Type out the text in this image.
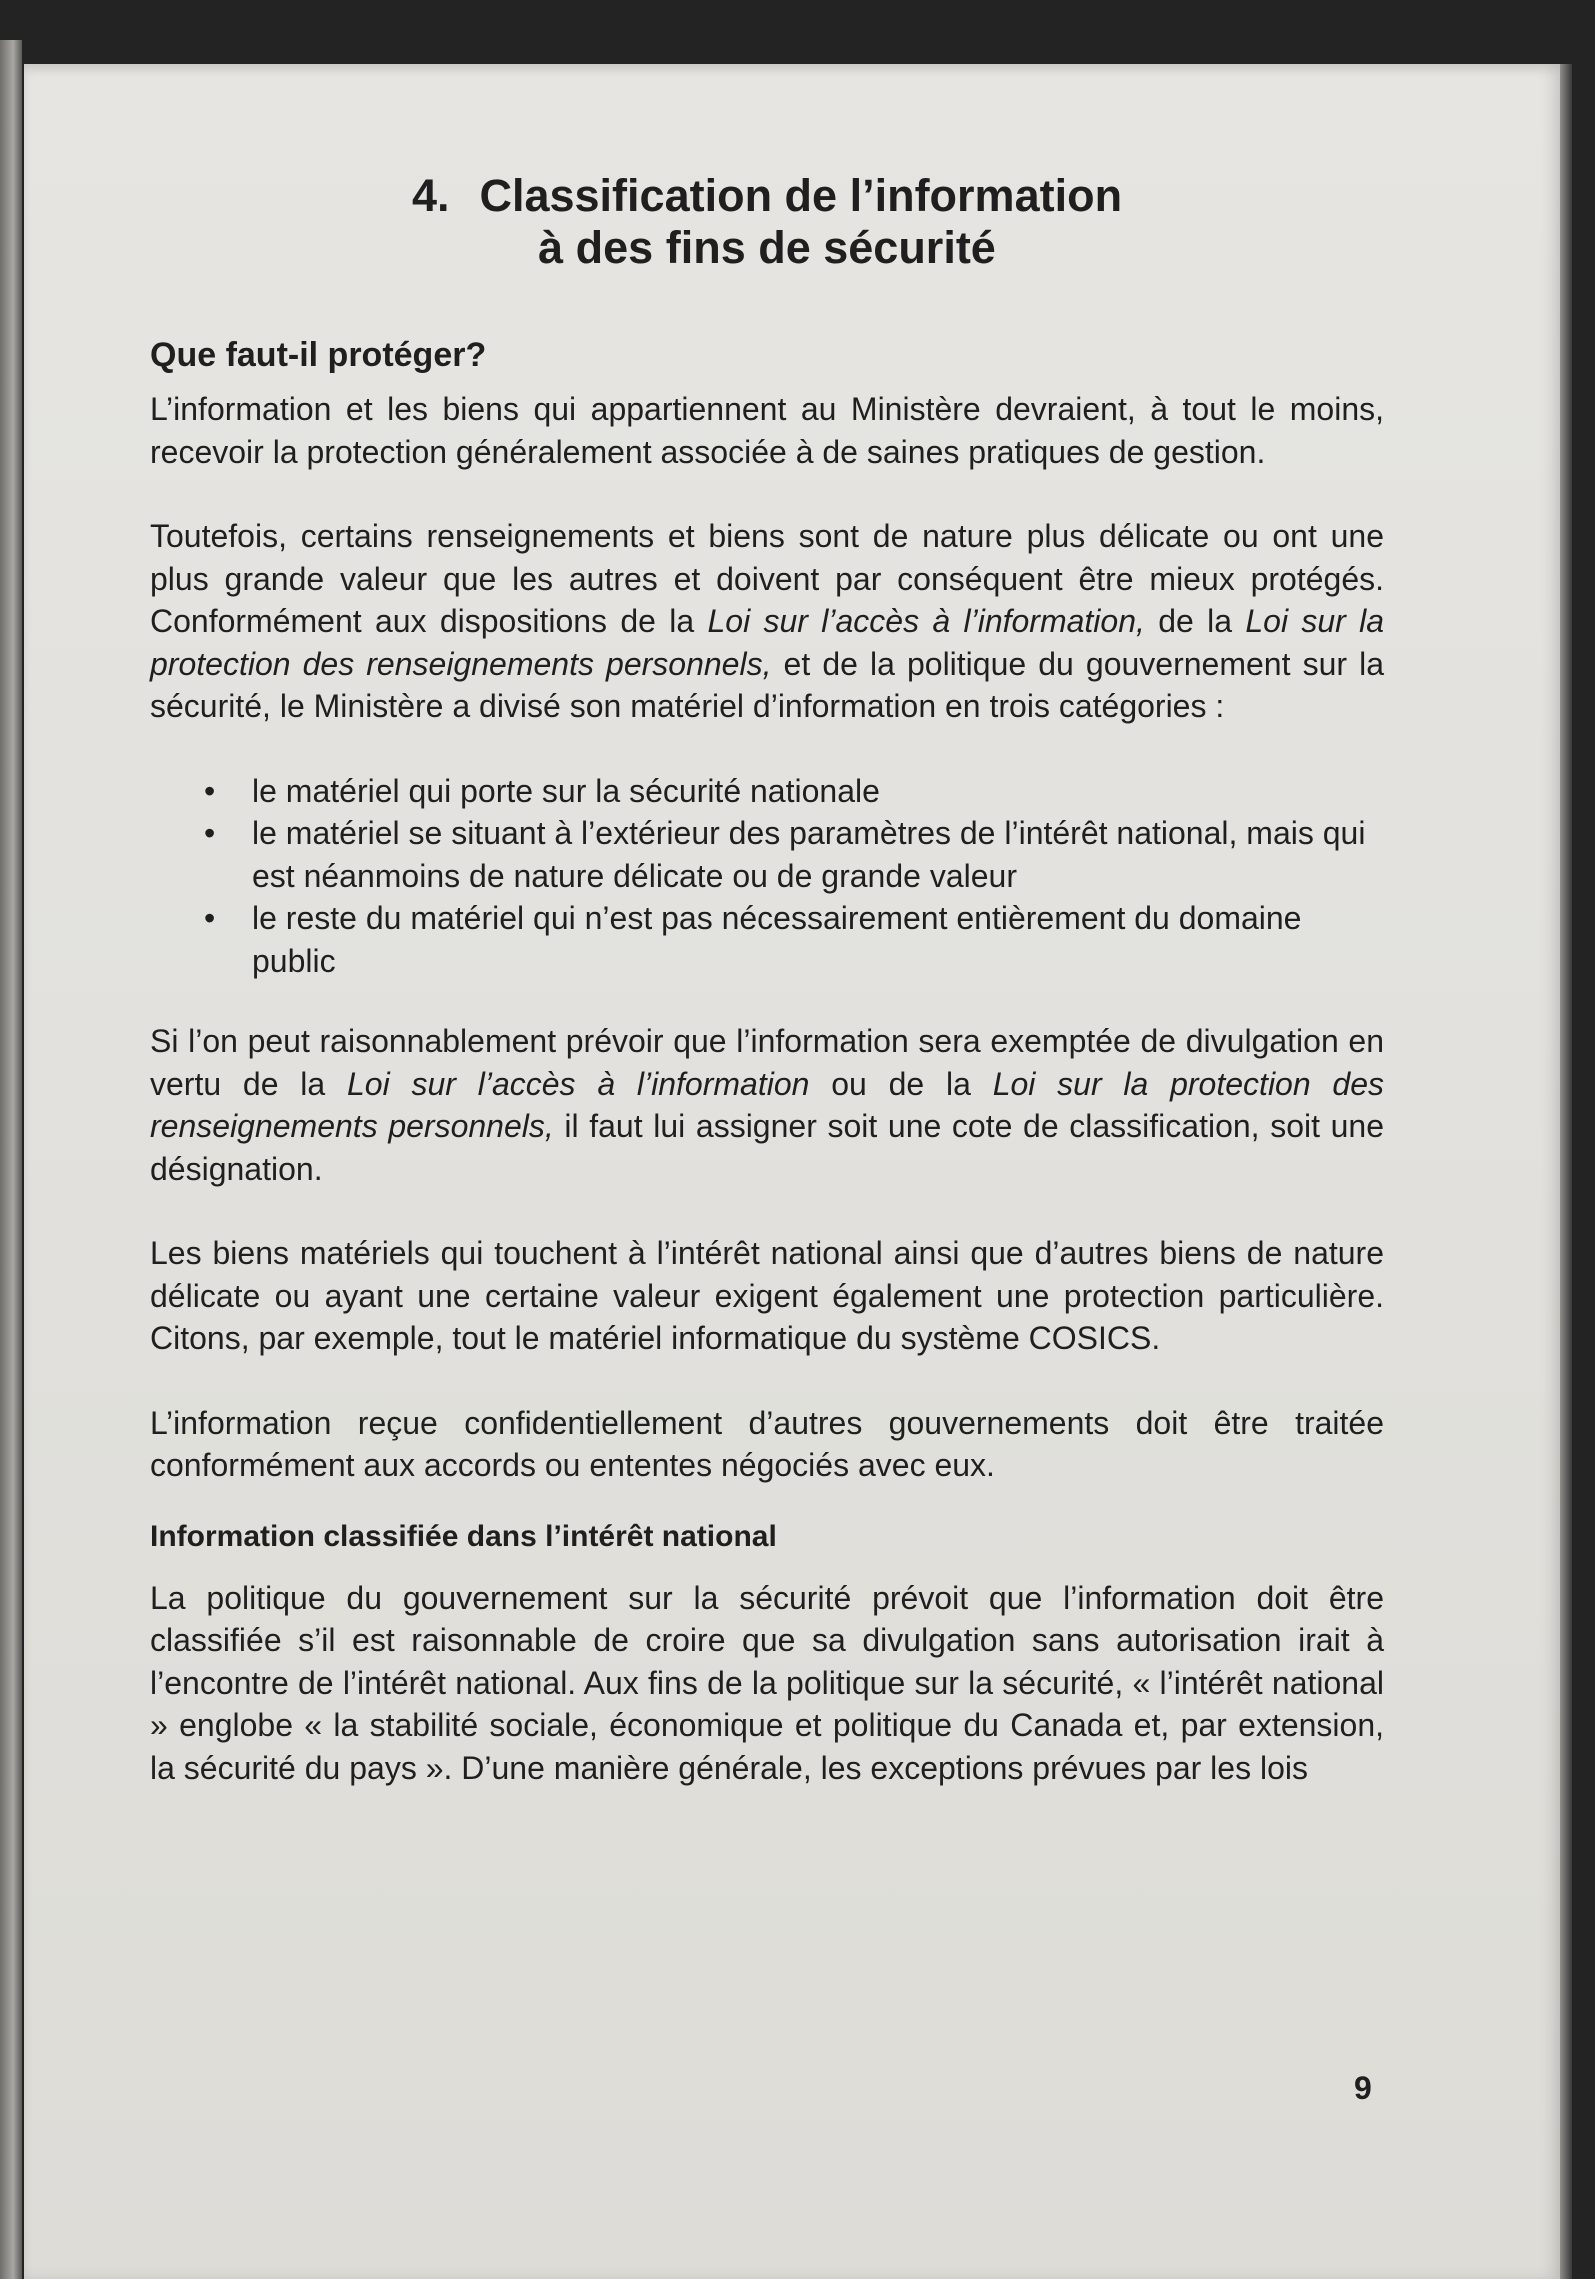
4. Classification de l’information
à des fins de sécurité
Que faut-il protéger?

L’information et les biens qui appartiennent au Ministère devraient, à tout le moins, recevoir la protection généralement associée à de saines pratiques de gestion.

Toutefois, certains renseignements et biens sont de nature plus délicate ou ont une plus grande valeur que les autres et doivent par conséquent être mieux protégés. Conformément aux dispositions de la Loi sur l’accès à l’information, de la Loi sur la protection des renseignements personnels, et de la politique du gouvernement sur la sécurité, le Ministère a divisé son matériel d’information en trois catégories :

• le matériel qui porte sur la sécurité nationale
• le matériel se situant à l’extérieur des paramètres de l’intérêt national, mais qui est néanmoins de nature délicate ou de grande valeur
• le reste du matériel qui n’est pas nécessairement entièrement du domaine public

Si l’on peut raisonnablement prévoir que l’information sera exemptée de divulgation en vertu de la Loi sur l’accès à l’information ou de la Loi sur la protection des renseignements personnels, il faut lui assigner soit une cote de classification, soit une désignation.

Les biens matériels qui touchent à l’intérêt national ainsi que d’autres biens de nature délicate ou ayant une certaine valeur exigent également une protection particulière. Citons, par exemple, tout le matériel informatique du système COSICS.

L’information reçue confidentiellement d’autres gouvernements doit être traitée conformément aux accords ou ententes négociés avec eux.

Information classifiée dans l’intérêt national

La politique du gouvernement sur la sécurité prévoit que l’information doit être classifiée s’il est raisonnable de croire que sa divulgation sans autorisation irait à l’encontre de l’intérêt national. Aux fins de la politique sur la sécurité, « l’intérêt national » englobe « la stabilité sociale, économique et politique du Canada et, par extension, la sécurité du pays ». D’une manière générale, les exceptions prévues par les lois

9
